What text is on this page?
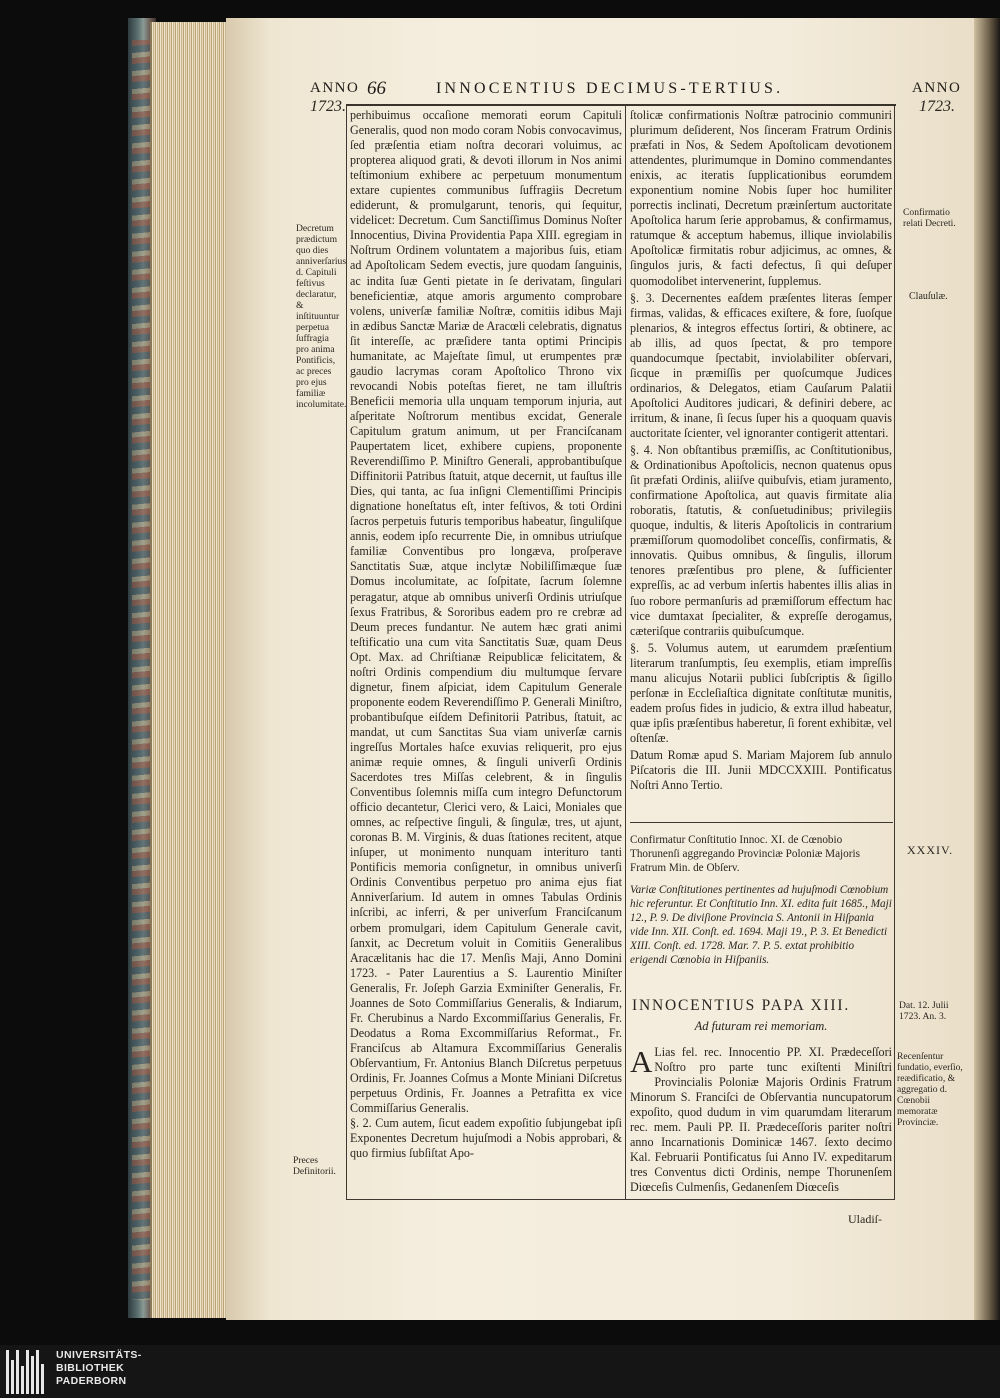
ANNO
1723.
66	INNOCENTIUS DECIMUS-TERTIUS.	ANNO
1723.

perhibuimus occaſione memorati eorum Capituli Generalis, quod non modo coram Nobis convocavimus, ſed præſentia etiam noſtra decorari voluimus, ac propterea aliquod grati, & devoti illorum in Nos animi teſtimonium exhibere ac perpetuum monumentum extare cupientes communibus ſuffragiis Decretum ediderunt, & promulgarunt, tenoris, qui ſequitur, videlicet: Decretum. Cum Sanctiſſimus Dominus Noſter Innocentius, Divina Providentia Papa XIII. egregiam in Noſtrum Ordinem voluntatem a majoribus ſuis, etiam ad Apoſtolicam Sedem evectis, jure quodam ſanguinis, ac indita ſuæ Genti pietate in ſe derivatam, ſingulari beneficientiæ, atque amoris argumento comprobare volens, univerſæ familiæ Noſtræ, comitiis idibus Maji in ædibus Sanctæ Mariæ de Aracœli celebratis, dignatus ſit intereſſe, ac præſidere tanta optimi Principis humanitate, ac Majeſtate ſimul, ut erumpentes præ gaudio lacrymas coram Apoſtolico Throno vix revocandi Nobis poteſtas fieret, ne tam illuſtris Beneficii memoria ulla unquam temporum injuria, aut aſperitate Noſtrorum mentibus excidat, Generale Capitulum gratum animum, ut per Franciſcanam Paupertatem licet, exhibere cupiens, proponente Reverendiſſimo P. Miniſtro Generali, approbantibuſque Diffinitorii Patribus ſtatuit, atque decernit, ut fauſtus ille Dies, qui tanta, ac ſua inſigni Clementiſſimi Principis dignatione honeſtatus eſt, inter feſtivos, & toti Ordini ſacros perpetuis futuris temporibus habeatur, ſinguliſque annis, eodem ipſo recurrente Die, in omnibus utriuſque familiæ Conventibus pro longæva, proſperave Sanctitatis Suæ, atque inclytæ Nobiliſſimæque ſuæ Domus incolumitate, ac ſoſpitate, ſacrum ſolemne peragatur, atque ab omnibus univerſi Ordinis utriuſque ſexus Fratribus, & Sororibus eadem pro re crebræ ad Deum preces fundantur. Ne autem hæc grati animi teſtificatio una cum vita Sanctitatis Suæ, quam Deus Opt. Max. ad Chriſtianæ Reipublicæ felicitatem, & noſtri Ordinis compendium diu multumque ſervare dignetur, finem aſpiciat, idem Capitulum Generale proponente eodem Reverendiſſimo P. Generali Miniſtro, probantibuſque eiſdem Definitorii Patribus, ſtatuit, ac mandat, ut cum Sanctitas Sua viam univerſæ carnis ingreſſus Mortales haſce exuvias reliquerit, pro ejus animæ requie omnes, & ſinguli univerſi Ordinis Sacerdotes tres Miſſas celebrent, & in ſingulis Conventibus ſolemnis miſſa cum integro Defunctorum officio decantetur, Clerici vero, & Laici, Moniales que omnes, ac reſpective ſinguli, & ſingulæ, tres, ut ajunt, coronas B. M. Virginis, & duas ſtationes recitent, atque inſuper, ut monimento nunquam interituro tanti Pontificis memoria conſignetur, in omnibus univerſi Ordinis Conventibus perpetuo pro anima ejus fiat Anniverſarium. Id autem in omnes Tabulas Ordinis inſcribi, ac inferri, & per univerſum Franciſcanum orbem promulgari, idem Capitulum Generale cavit, ſanxit, ac Decretum voluit in Comitiis Generalibus Aracælitanis hac die 17. Menſis Maji, Anno Domini 1723. - Pater Laurentius a S. Laurentio Miniſter Generalis, Fr. Joſeph Garzia Exminiſter Generalis, Fr. Joannes de Soto Commiſſarius Generalis, & Indiarum, Fr. Cherubinus a Nardo Excommiſſarius Generalis, Fr. Deodatus a Roma Excommiſſarius Reformat., Fr. Franciſcus ab Altamura Excommiſſarius Generalis Obſervantium, Fr. Antonius Blanch Diſcretus perpetuus Ordinis, Fr. Joannes Coſmus a Monte Miniani Diſcretus perpetuus Ordinis, Fr. Joannes a Petrafitta ex vice Commiſſarius Generalis.

§. 2. Cum autem, ſicut eadem expoſitio ſubjungebat ipſi Exponentes Decretum hujuſmodi a Nobis approbari, & quo firmius ſubſiſtat Apo-

ſtolicæ confirmationis Noſtræ patrocinio communiri plurimum deſiderent, Nos ſinceram Fratrum Ordinis præfati in Nos, & Sedem Apoſtolicam devotionem attendentes, plurimumque in Domino commendantes enixis, ac iteratis ſupplicationibus eorumdem exponentium nomine Nobis ſuper hoc humiliter porrectis inclinati, Decretum præinſertum auctoritate Apoſtolica harum ſerie approbamus, & confirmamus, ratumque & acceptum habemus, illique inviolabilis Apoſtolicæ firmitatis robur adjicimus, ac omnes, & ſingulos juris, & facti defectus, ſi qui deſuper quomodolibet intervenerint, ſupplemus.

§. 3. Decernentes eaſdem præſentes literas ſemper firmas, validas, & efficaces exiſtere, & fore, ſuoſque plenarios, & integros effectus ſortiri, & obtinere, ac ab illis, ad quos ſpectat, & pro tempore quandocumque ſpectabit, inviolabiliter obſervari, ſicque in præmiſſis per quoſcumque Judices ordinarios, & Delegatos, etiam Cauſarum Palatii Apoſtolici Auditores judicari, & definiri debere, ac irritum, & inane, ſi ſecus ſuper his a quoquam quavis auctoritate ſcienter, vel ignoranter contigerit attentari.

§. 4. Non obſtantibus præmiſſis, ac Conſtitutionibus, & Ordinationibus Apoſtolicis, necnon quatenus opus ſit præfati Ordinis, aliiſve quibuſvis, etiam juramento, confirmatione Apoſtolica, aut quavis firmitate alia roboratis, ſtatutis, & conſuetudinibus; privilegiis quoque, indultis, & literis Apoſtolicis in contrarium præmiſſorum quomodolibet conceſſis, confirmatis, & innovatis. Quibus omnibus, & ſingulis, illorum tenores præſentibus pro plene, & ſufficienter expreſſis, ac ad verbum inſertis habentes illis alias in ſuo robore permanſuris ad præmiſſorum effectum hac vice dumtaxat ſpecialiter, & expreſſe derogamus, cæteriſque contrariis quibuſcumque.

§. 5. Volumus autem, ut earumdem præſentium literarum tranſumptis, ſeu exemplis, etiam impreſſis manu alicujus Notarii publici ſubſcriptis & ſigillo perſonæ in Eccleſiaſtica dignitate conſtitutæ munitis, eadem proſus fides in judicio, & extra illud habeatur, quæ ipſis præſentibus haberetur, ſi forent exhibitæ, vel oſtenſæ.

Datum Romæ apud S. Mariam Majorem ſub annulo Piſcatoris die III. Junii MDCCXXIII. Pontificatus Noſtri Anno Tertio.

Confirmatur Conſtitutio Innoc. XI. de Cœnobio Thorunenſi aggregando Provinciæ Poloniæ Majoris Fratrum Min. de Obſerv.
Variæ Conſtitutiones pertinentes ad hujuſmodi Cœnobium hic referuntur. Et Conſtitutio Inn. XI. edita fuit 1685., Maji 12., P. 9. De diviſione Provincia S. Antonii in Hiſpania vide Inn. XII. Conſt. ed. 1694. Maji 19., P. 3. Et Benedicti XIII. Conſt. ed. 1728. Mar. 7. P. 5. extat prohibitio erigendi Cœnobia in Hiſpaniis.
INNOCENTIUS PAPA XIII.
Ad futuram rei memoriam.
A Lias fel. rec. Innocentio PP. XI. Prædeceſſori Noſtro pro parte tunc exiſtenti Miniſtri Provincialis Poloniæ Majoris Ordinis Fratrum Minorum S. Franciſci de Obſervantia nuncupatorum expoſito, quod dudum in vim quarumdam literarum rec. mem. Pauli PP. II. Prædeceſſoris pariter noſtri anno Incarnationis Dominicæ 1467. ſexto decimo Kal. Februarii Pontificatus ſui Anno IV. expeditarum tres Conventus dicti Ordinis, nempe Thorunenſem Diœceſis Culmenſis, Gedanenſem Diœceſis
Uladiſ-
Decretum prædictum quo dies anniverſarius d. Capituli feſtivus declaratur, & inſtituuntur perpetua ſuffragia pro anima Pontificis, ac preces pro ejus familiæ incolumitate.
Preces Definitorii.
Confirmatio relati Decreti.
Clauſulæ.
XXXIV.
Dat. 12. Julii 1723. An. 3.
Recenſentur fundatio, everſio, reædificatio, & aggregatio d. Cœnobii memoratæ Provinciæ.
UNIVERSITÄTS-
BIBLIOTHEK
PADERBORN
